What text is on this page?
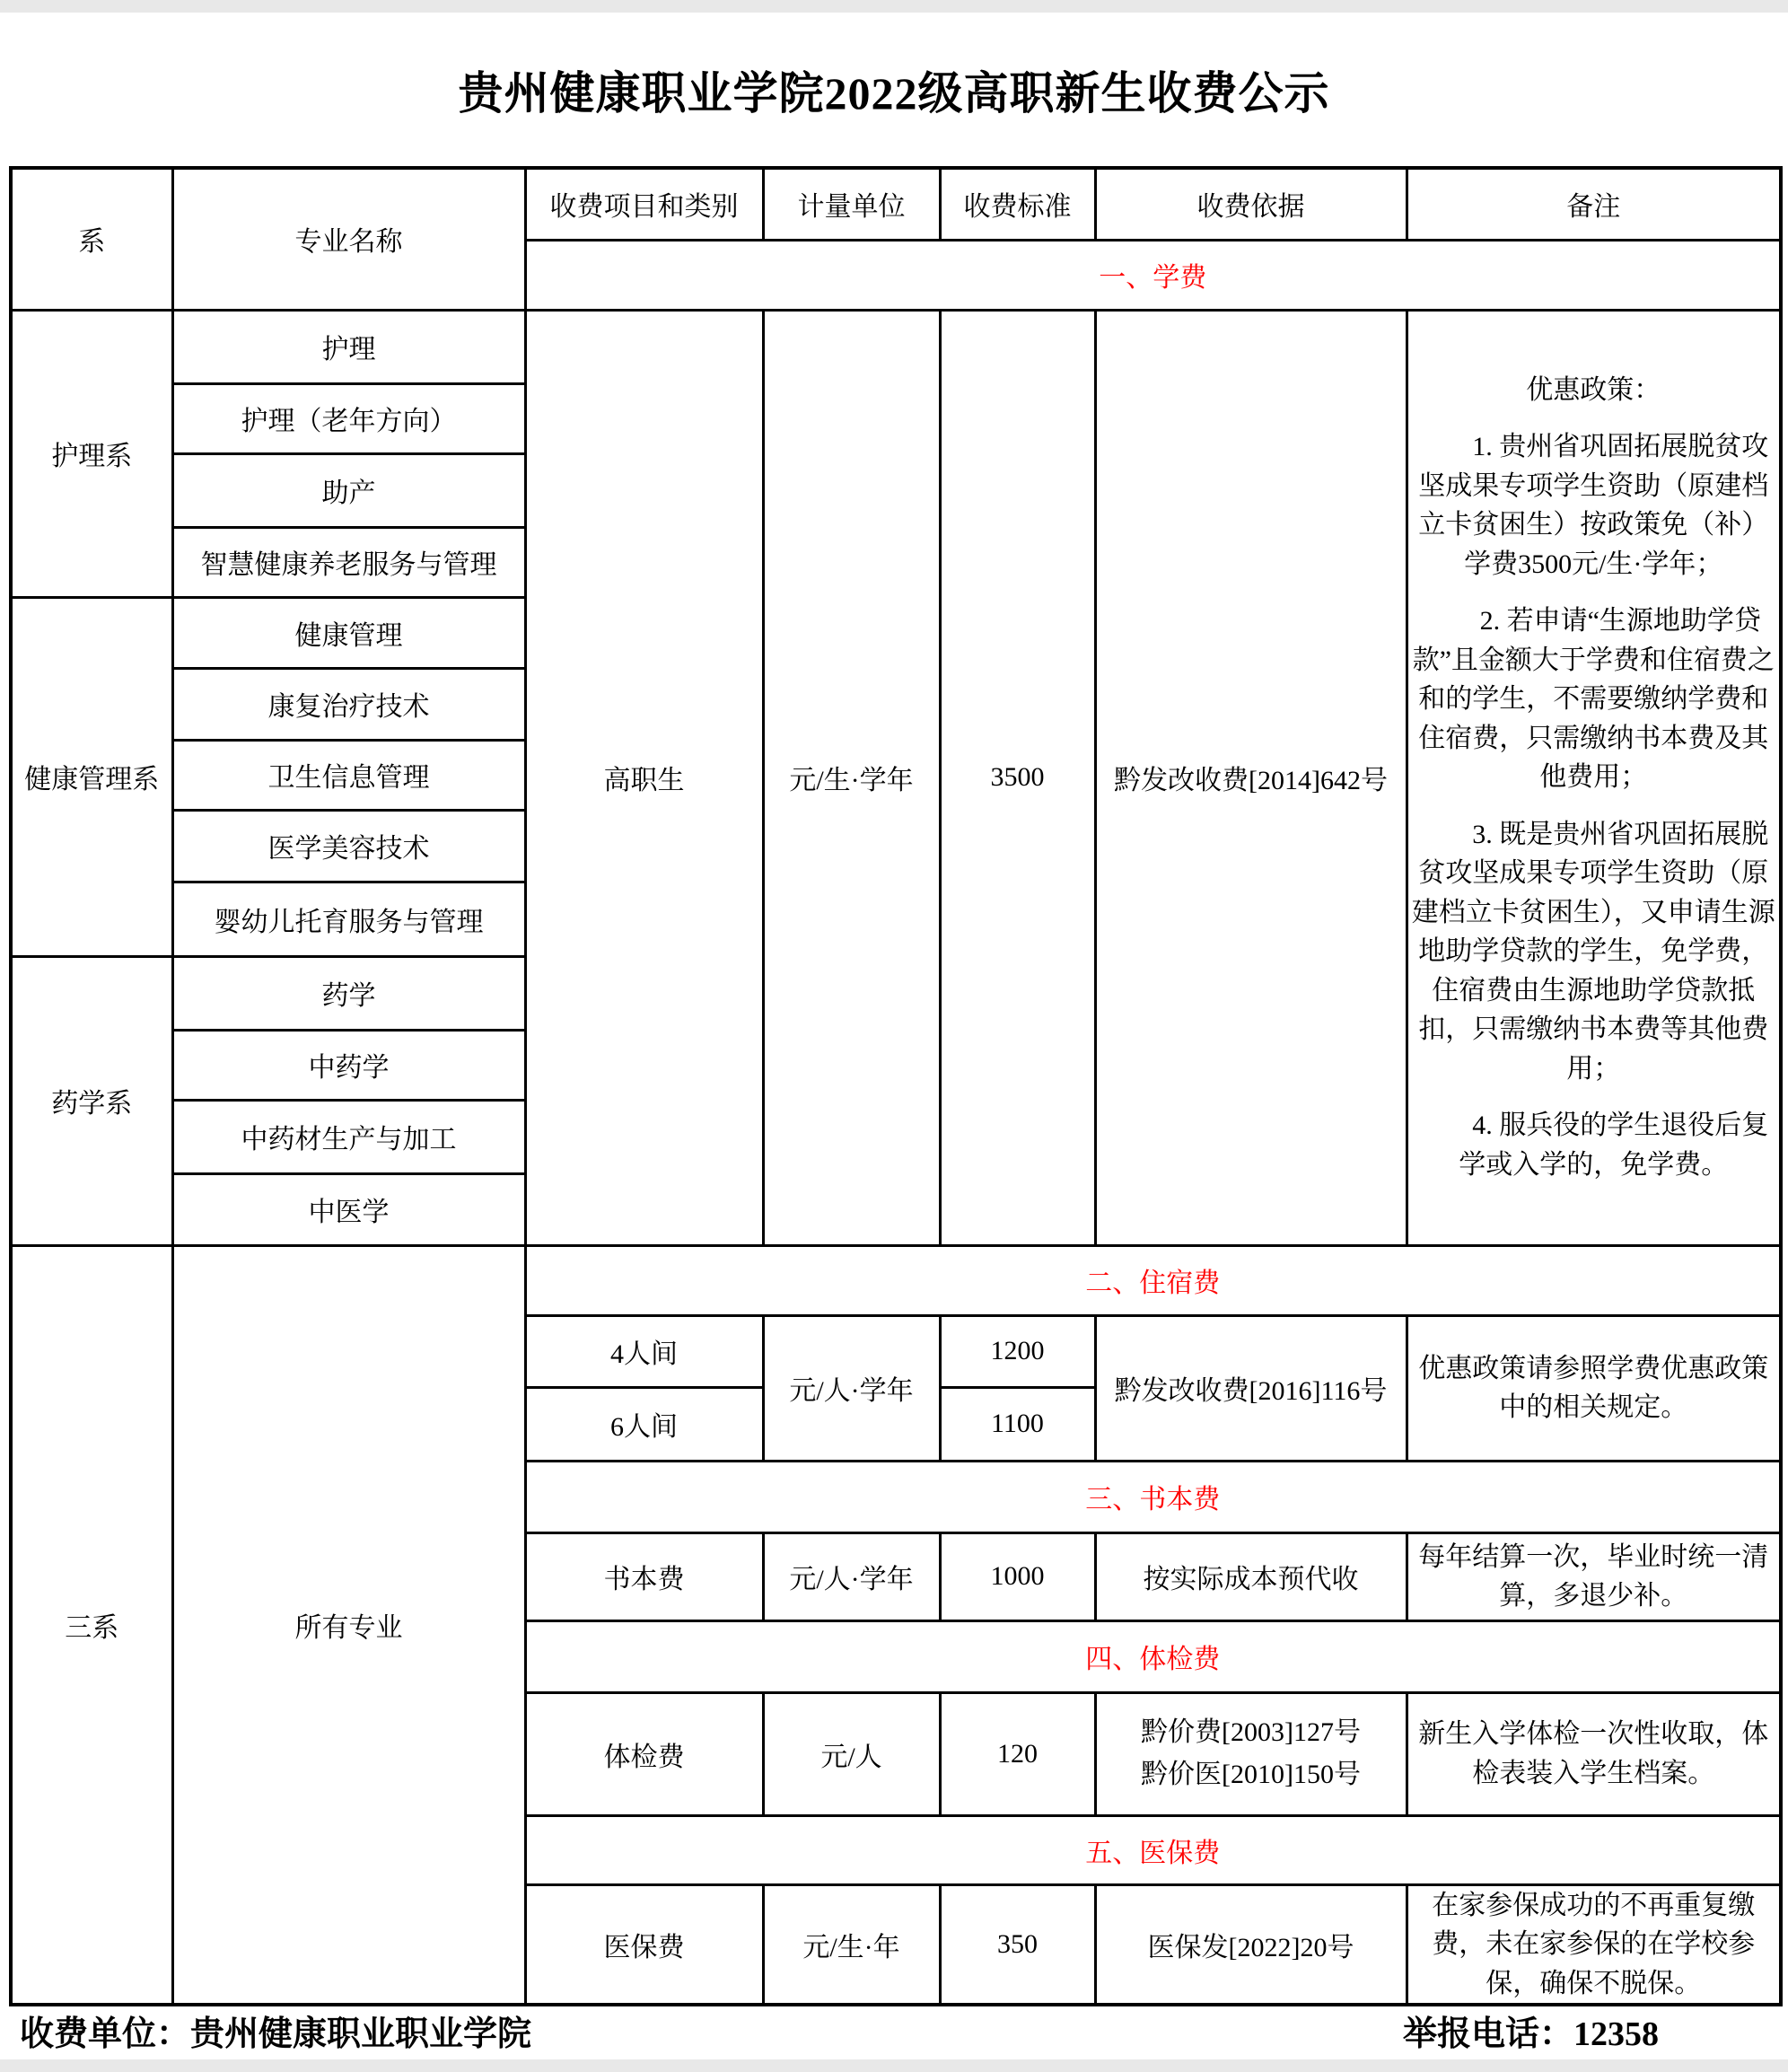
贵州健康职业学院2022级高职新生收费公示
系	专业名称	收费项目和类别	计量单位	收费标准	收费依据	备注
		一、学费				
护理系	护理	高职生	元/生·学年	3500	黔发改收费[2014]642号	优惠政策：

1. 贵州省巩固拓展脱贫攻坚成果专项学生资助（原建档立卡贫困生）按政策免（补）学费3500元/生·学年；

2. 若申请“生源地助学贷款”且金额大于学费和住宿费之和的学生，不需要缴纳学费和住宿费，只需缴纳书本费及其他费用；

3. 既是贵州省巩固拓展脱贫攻坚成果专项学生资助（原建档立卡贫困生），又申请生源地助学贷款的学生，免学费，住宿费由生源地助学贷款抵扣，只需缴纳书本费等其他费用；

4. 服兵役的学生退役后复学或入学的，免学费。

	护理（老年方向）					
	助产					
	智慧健康养老服务与管理					
健康管理系	健康管理					
	康复治疗技术					
	卫生信息管理					
	医学美容技术					
	婴幼儿托育服务与管理					
药学系	药学					
	中药学					
	中药材生产与加工					
	中医学					
三系	所有专业	二、住宿费				
		4人间	元/人·学年	1200	黔发改收费[2016]116号	优惠政策请参照学费优惠政策中的相关规定。
		6人间		1100		
		三、书本费				
		书本费	元/人·学年	1000	按实际成本预代收	每年结算一次，毕业时统一清算，多退少补。
		四、体检费				
		体检费	元/人	120	黔价费[2003]127号
黔价医[2010]150号	新生入学体检一次性收取，体检表装入学生档案。
		五、医保费				
		医保费	元/生·年	350	医保发[2022]20号	在家参保成功的不再重复缴费，未在家参保的在学校参保，确保不脱保。
收费单位：贵州健康职业职业学院	举报电话：12358
